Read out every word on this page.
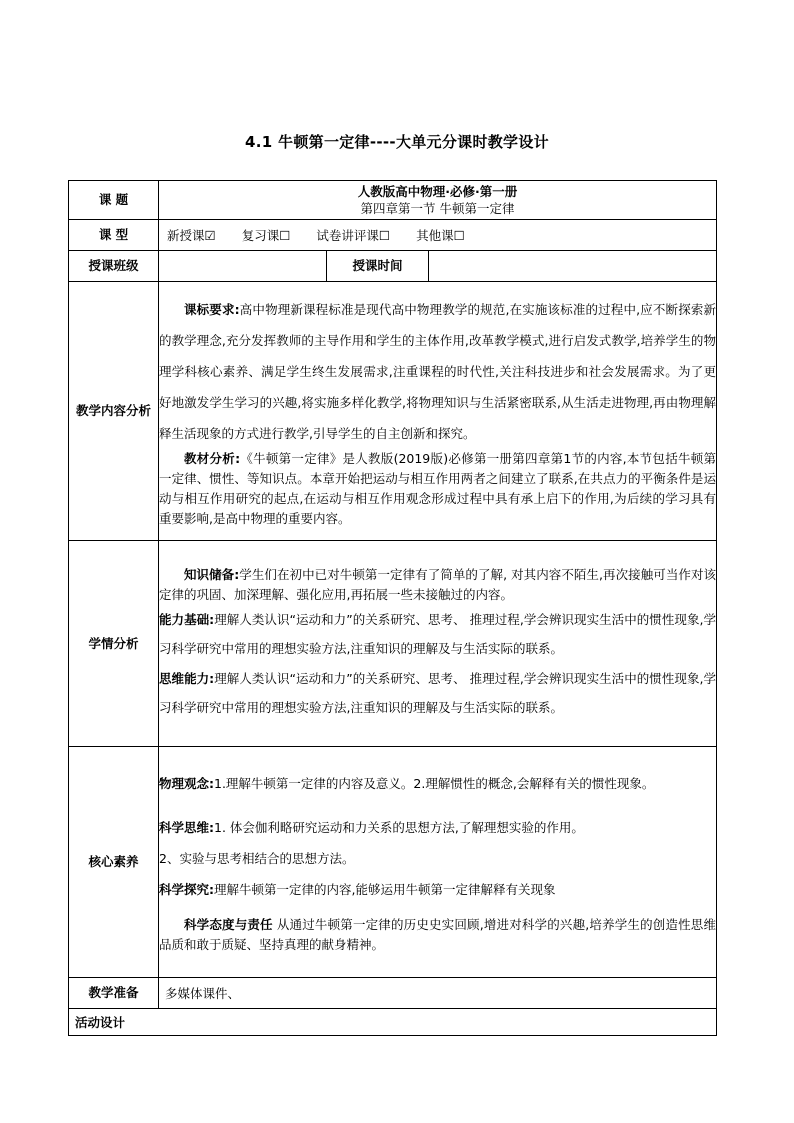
4.1 牛顿第一定律----大单元分课时教学设计
课 题	人教版高中物理·必修·第一册
第四章第一节 牛顿第一定律		

课 型	新授课☑ 复习课☐ 试卷讲评课☐ 其他课☐		
授课班级		授课时间	
教学内容分析	课标要求:高中物理新课程标准是现代高中物理教学的规范,在实施该标准的过程中,应不断探索新的教学理念,充分发挥教师的主导作用和学生的主体作用,改革教学模式,进行启发式教学,培养学生的物理学科核心素养、满足学生终生发展需求,注重课程的时代性,关注科技进步和社会发展需求。为了更好地激发学生学习的兴趣,将实施多样化教学,将物理知识与生活紧密联系,从生活走进物理,再由物理解释生活现象的方式进行教学,引导学生的自主创新和探究。

教材分析:《牛顿第一定律》是人教版(2019版)必修第一册第四章第1节的内容,本节包括牛顿第一定律、惯性、等知识点。本章开始把运动与相互作用两者之间建立了联系,在共点力的平衡条件是运动与相互作用研究的起点,在运动与相互作用观念形成过程中具有承上启下的作用,为后续的学习具有重要影响,是高中物理的重要内容。		

学情分析	知识储备:学生们在初中已对牛顿第一定律有了简单的了解, 对其内容不陌生,再次接触可当作对该定律的巩固、加深理解、强化应用,再拓展一些未接触过的内容。

能力基础:理解人类认识“运动和力”的关系研究、思考、 推理过程,学会辨识现实生活中的惯性现象,学习科学研究中常用的理想实验方法,注重知识的理解及与生活实际的联系。

思维能力:理解人类认识“运动和力”的关系研究、思考、 推理过程,学会辨识现实生活中的惯性现象,学习科学研究中常用的理想实验方法,注重知识的理解及与生活实际的联系。		

核心素养	物理观念:1.理解牛顿第一定律的内容及意义。2.理解惯性的概念,会解释有关的惯性现象。

科学思维:1. 体会伽利略研究运动和力关系的思想方法,了解理想实验的作用。

2、实验与思考相结合的思想方法。

科学探究:理解牛顿第一定律的内容,能够运用牛顿第一定律解释有关现象

科学态度与责任 从通过牛顿第一定律的历史史实回顾,增进对科学的兴趣,培养学生的创造性思维品质和敢于质疑、坚持真理的献身精神。		

教学准备	多媒体课件、		
活动设计			
